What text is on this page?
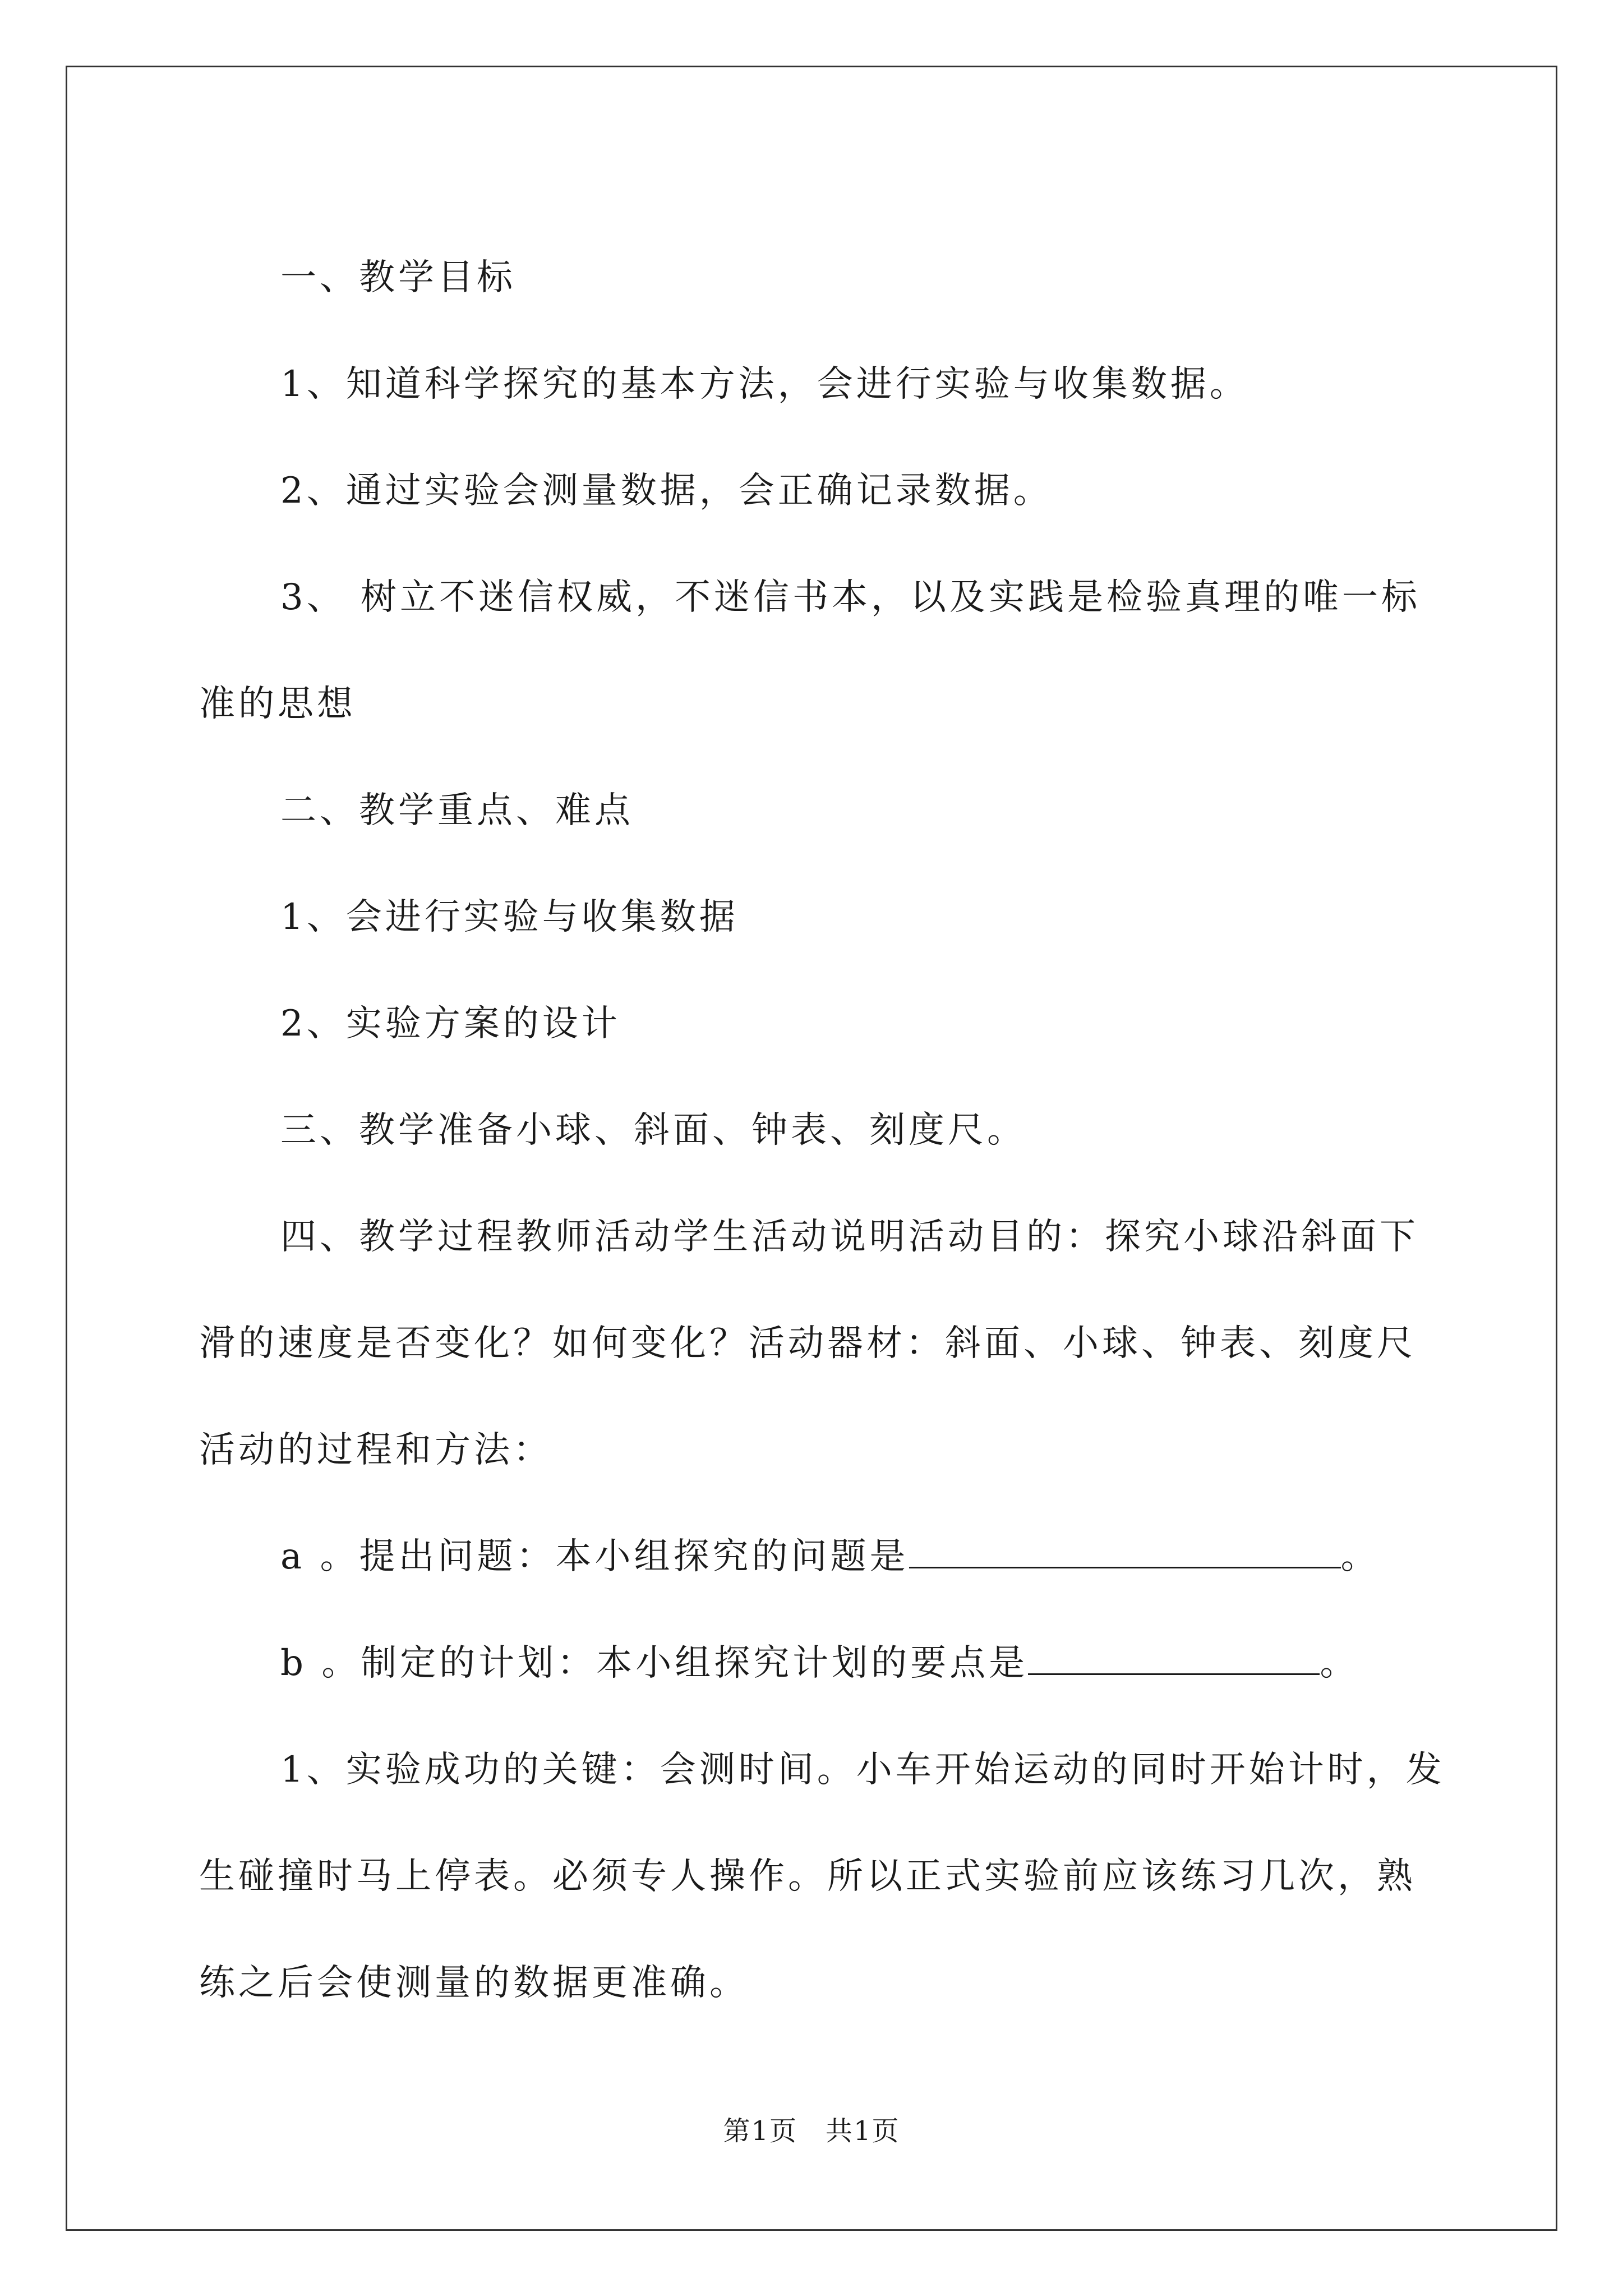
一、教学目标

1、知道科学探究的基本方法，会进行实验与收集数据。

2、通过实验会测量数据，会正确记录数据。

3、 树立不迷信权威，不迷信书本，以及实践是检验真理的唯一标准的思想

二、教学重点、难点

1、会进行实验与收集数据

2、实验方案的设计

三、教学准备小球、斜面、钟表、刻度尺。

四、教学过程教师活动学生活动说明活动目的：探究小球沿斜面下滑的速度是否变化？如何变化？活动器材：斜面、小球、钟表、刻度尺活动的过程和方法：

a 。提出问题：本小组探究的问题是	。

b 。制定的计划：本小组探究计划的要点是	。

1、实验成功的关键：会测时间。小车开始运动的同时开始计时，发生碰撞时马上停表。必须专人操作。所以正式实验前应该练习几次，熟练之后会使测量的数据更准确。

第1页　共1页
